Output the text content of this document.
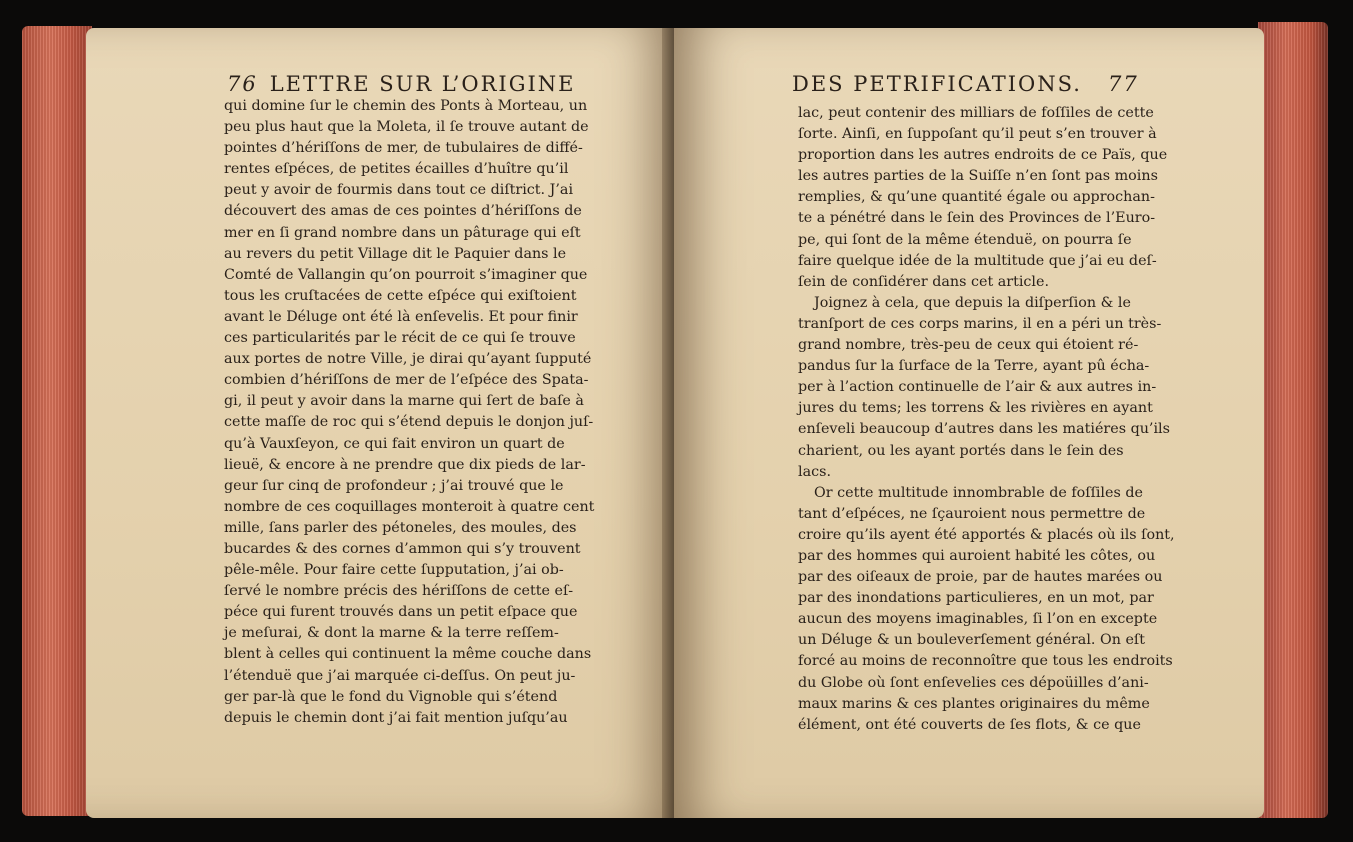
76 LETTRE SUR L’ORIGINE
qui domine ſur le chemin des Ponts à Morteau, un
peu plus haut que la Moleta, il ſe trouve autant de
pointes d’hériſſons de mer, de tubulaires de diffé-
rentes eſpéces, de petites écailles d’huître qu’il
peut y avoir de fourmis dans tout ce diſtrict. J’ai
découvert des amas de ces pointes d’hériſſons de
mer en ſi grand nombre dans un pâturage qui eſt
au revers du petit Village dit le Paquier dans le
Comté de Vallangin qu’on pourroit s’imaginer que
tous les cruſtacées de cette eſpéce qui exiſtoient
avant le Déluge ont été là enſevelis. Et pour finir
ces particularités par le récit de ce qui ſe trouve
aux portes de notre Ville, je dirai qu’ayant ſupputé
combien d’hériſſons de mer de l’eſpéce des Spata-
gi, il peut y avoir dans la marne qui ſert de baſe à
cette maſſe de roc qui s’étend depuis le donjon juſ-
qu’à Vauxſeyon, ce qui fait environ un quart de
lieuë, & encore à ne prendre que dix pieds de lar-
geur ſur cinq de profondeur ; j’ai trouvé que le
nombre de ces coquillages monteroit à quatre cent
mille, ſans parler des pétoneles, des moules, des
bucardes & des cornes d’ammon qui s’y trouvent
pêle-mêle. Pour faire cette ſupputation, j’ai ob-
ſervé le nombre précis des hériſſons de cette eſ-
péce qui furent trouvés dans un petit eſpace que
je meſurai, & dont la marne & la terre reſſem-
blent à celles qui continuent la même couche dans
l’étenduë que j’ai marquée ci-deſſus. On peut ju-
ger par-là que le fond du Vignoble qui s’étend
depuis le chemin dont j’ai fait mention juſqu’au
DES PETRIFICATIONS. 77
lac, peut contenir des milliars de foſſiles de cette
ſorte. Ainſi, en ſuppoſant qu’il peut s’en trouver à
proportion dans les autres endroits de ce Païs, que
les autres parties de la Suiſſe n’en ſont pas moins
remplies, & qu’une quantité égale ou approchan-
te a pénétré dans le ſein des Provinces de l’Euro-
pe, qui ſont de la même étenduë, on pourra ſe
faire quelque idée de la multitude que j’ai eu deſ-
ſein de conſidérer dans cet article.
Joignez à cela, que depuis la diſperſion & le
tranſport de ces corps marins, il en a péri un très-
grand nombre, très-peu de ceux qui étoient ré-
pandus ſur la ſurface de la Terre, ayant pû écha-
per à l’action continuelle de l’air & aux autres in-
jures du tems; les torrens & les rivières en ayant
enſeveli beaucoup d’autres dans les matiéres qu’ils
charient, ou les ayant portés dans le ſein des
lacs.
Or cette multitude innombrable de foſſiles de
tant d’eſpéces, ne ſçauroient nous permettre de
croire qu’ils ayent été apportés & placés où ils ſont,
par des hommes qui auroient habité les côtes, ou
par des oiſeaux de proie, par de hautes marées ou
par des inondations particulieres, en un mot, par
aucun des moyens imaginables, ſi l’on en excepte
un Déluge & un bouleverſement général. On eſt
forcé au moins de reconnoître que tous les endroits
du Globe où ſont enſevelies ces dépoüilles d’ani-
maux marins & ces plantes originaires du même
élément, ont été couverts de ſes flots, & ce que
